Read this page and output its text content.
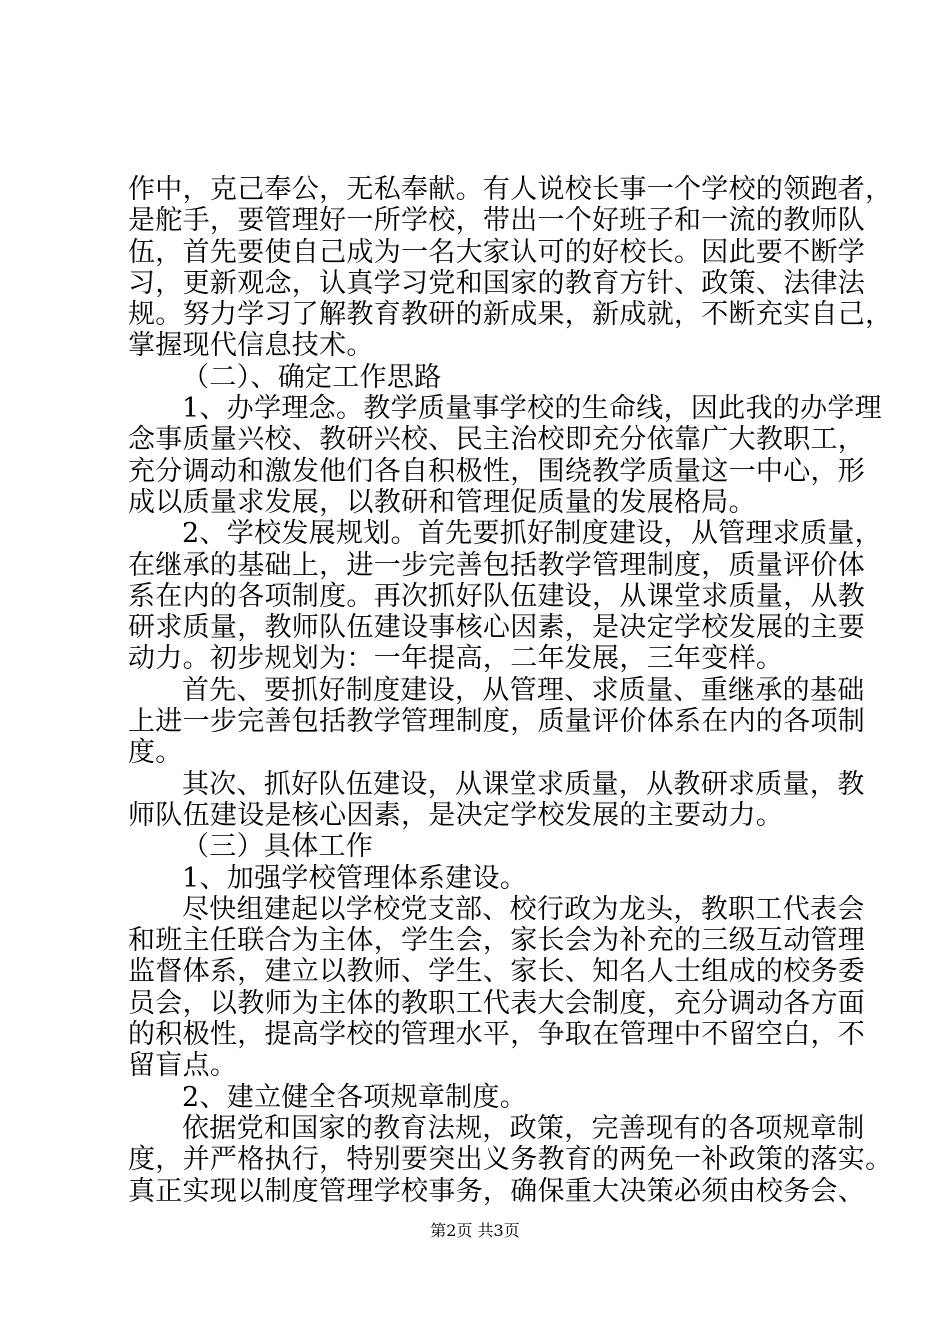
作中，克己奉公，无私奉献。有人说校长事一个学校的领跑者，
是舵手，要管理好一所学校，带出一个好班子和一流的教师队
伍，首先要使自己成为一名大家认可的好校长。因此要不断学
习，更新观念，认真学习党和国家的教育方针、政策、法律法
规。努力学习了解教育教研的新成果，新成就，不断充实自己，
掌握现代信息技术。
（二）、确定工作思路
1、办学理念。教学质量事学校的生命线，因此我的办学理
念事质量兴校、教研兴校、民主治校即充分依靠广大教职工，
充分调动和激发他们各自积极性，围绕教学质量这一中心，形
成以质量求发展，以教研和管理促质量的发展格局。
2、学校发展规划。首先要抓好制度建设，从管理求质量，
在继承的基础上，进一步完善包括教学管理制度，质量评价体
系在内的各项制度。再次抓好队伍建设，从课堂求质量，从教
研求质量，教师队伍建设事核心因素，是决定学校发展的主要
动力。初步规划为：一年提高，二年发展，三年变样。
首先、要抓好制度建设，从管理、求质量、重继承的基础
上进一步完善包括教学管理制度，质量评价体系在内的各项制
度。
其次、抓好队伍建设，从课堂求质量，从教研求质量，教
师队伍建设是核心因素，是决定学校发展的主要动力。
（三）具体工作
1、加强学校管理体系建设。
尽快组建起以学校党支部、校行政为龙头，教职工代表会
和班主任联合为主体，学生会，家长会为补充的三级互动管理
监督体系，建立以教师、学生、家长、知名人士组成的校务委
员会，以教师为主体的教职工代表大会制度，充分调动各方面
的积极性，提高学校的管理水平，争取在管理中不留空白，不
留盲点。
2、建立健全各项规章制度。
依据党和国家的教育法规，政策，完善现有的各项规章制
度，并严格执行，特别要突出义务教育的两免一补政策的落实。
真正实现以制度管理学校事务，确保重大决策必须由校务会、
第2页 共3页
